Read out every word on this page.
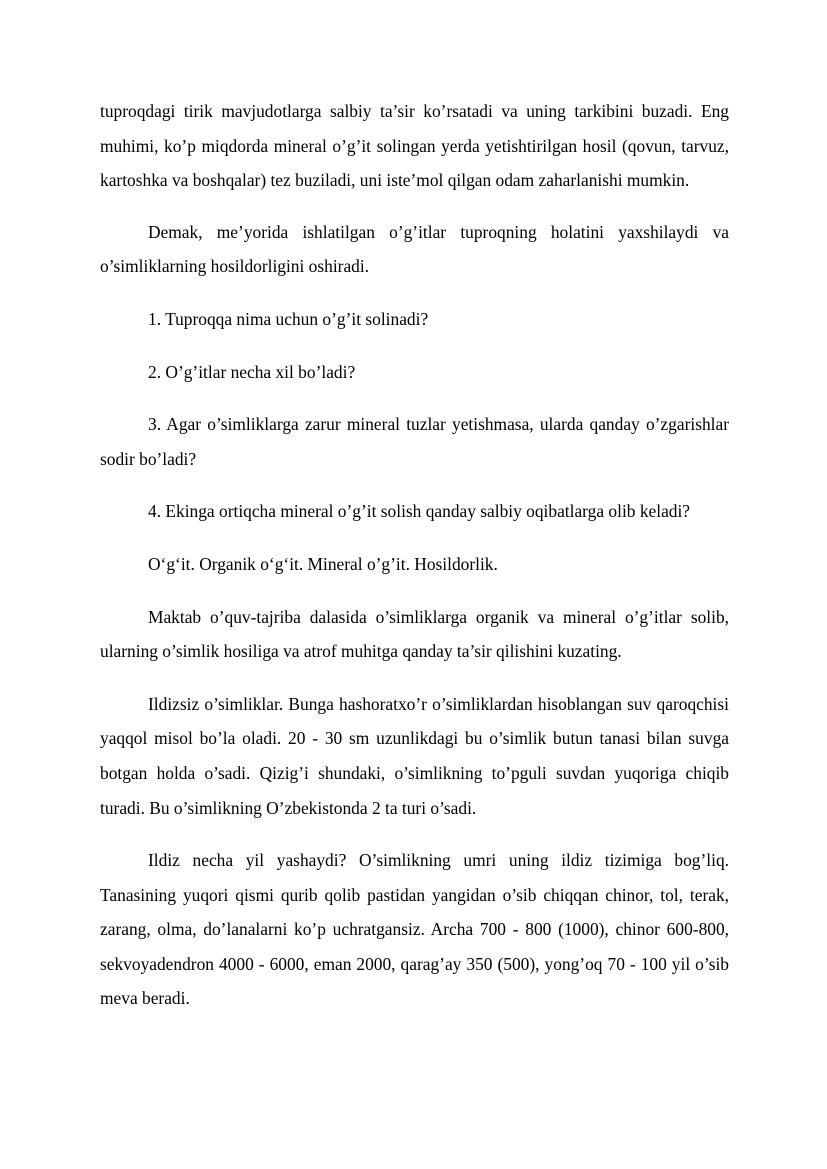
tuproqdagi tirik mavjudotlarga salbiy ta’sir ko’rsatadi va uning tarkibini buzadi. Eng muhimi, ko’p miqdorda mineral o’g’it solingan yerda yetishtirilgan hosil (qovun, tarvuz, kartoshka va boshqalar) tez buziladi, uni iste’mol qilgan odam zaharlanishi mumkin.

Demak, me’yorida ishlatilgan o’g’itlar tuproqning holatini yaxshilaydi va o’simliklarning hosildorligini oshiradi.

1. Tuproqqa nima uchun o’g’it solinadi?

2. O’g’itlar necha xil bo’ladi?

3. Agar o’simliklarga zarur mineral tuzlar yetishmasa, ularda qanday o’zgarishlar sodir bo’ladi?

4. Ekinga ortiqcha mineral o’g’it solish qanday salbiy oqibatlarga olib keladi?

O‘g‘it. Organik o‘g‘it. Mineral o’g’it. Hosildorlik.

Maktab o’quv-tajriba dalasida o’simliklarga organik va mineral o’g’itlar solib, ularning o’simlik hosiliga va atrof muhitga qanday ta’sir qilishini kuzating.

Ildizsiz o’simliklar. Bunga hashoratxo’r o’simliklardan hisoblangan suv qaroqchisi yaqqol misol bo’la oladi. 20 - 30 sm uzunlikdagi bu o’simlik butun tanasi bilan suvga botgan holda o’sadi. Qizig’i shundaki, o’simlikning to’pguli suvdan yuqoriga chiqib turadi. Bu o’simlikning O’zbekistonda 2 ta turi o’sadi.

Ildiz necha yil yashaydi? O’simlikning umri uning ildiz tizimiga bog’liq. Tanasining yuqori qismi qurib qolib pastidan yangidan o’sib chiqqan chinor, tol, terak, zarang, olma, do’lanalarni ko’p uchratgansiz. Archa 700 - 800 (1000), chinor 600-800, sekvoyadendron 4000 - 6000, eman 2000, qarag’ay 350 (500), yong’oq 70 - 100 yil o’sib meva beradi.
